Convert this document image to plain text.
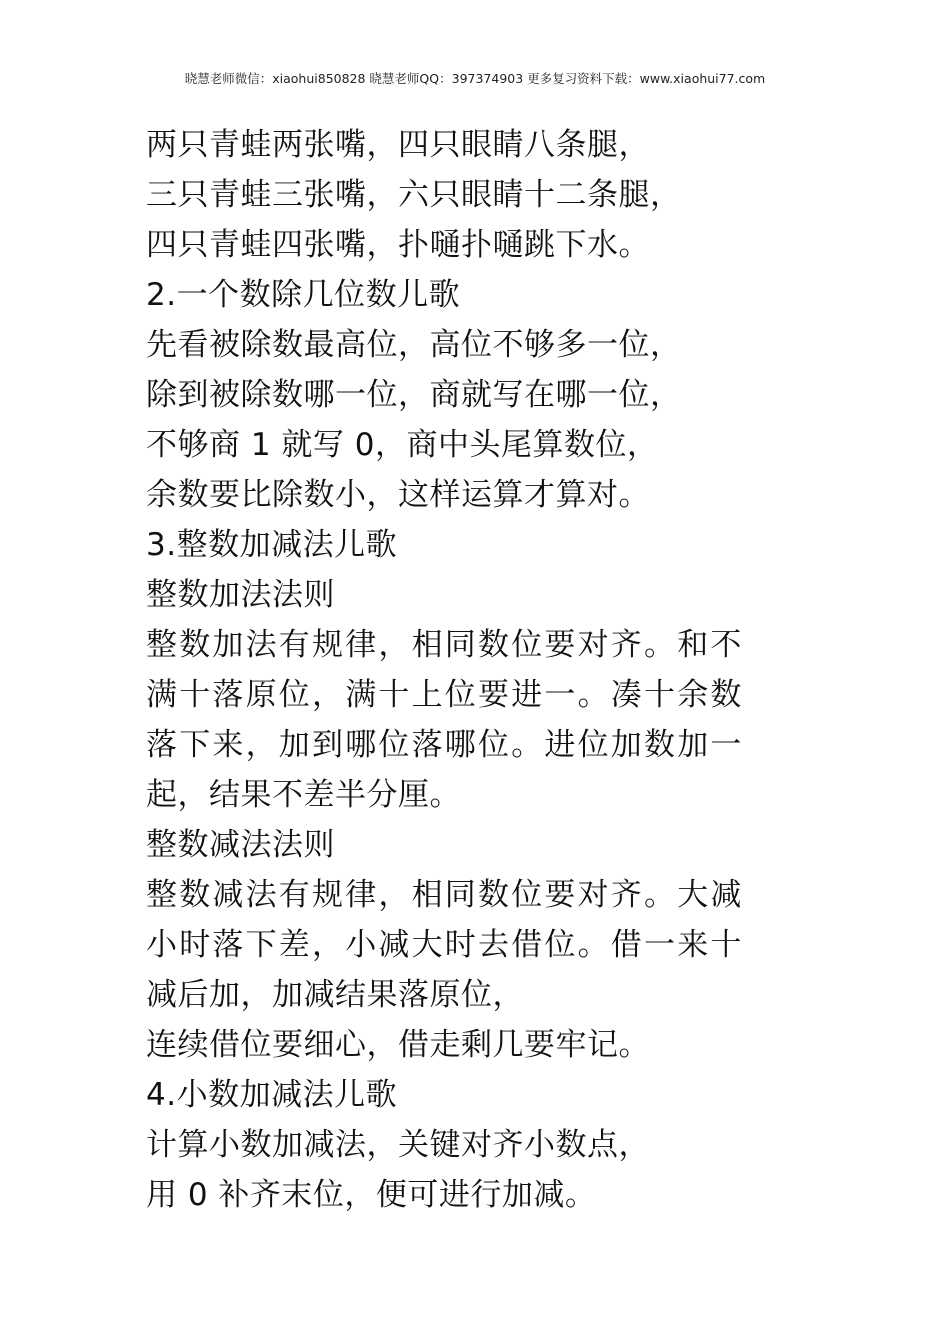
晓慧老师微信：xiaohui850828 晓慧老师QQ：397374903 更多复习资料下载：www.xiaohui77.com
两只青蛙两张嘴，四只眼睛八条腿，
三只青蛙三张嘴，六只眼睛十二条腿，
四只青蛙四张嘴，扑嗵扑嗵跳下水。
2.一个数除几位数儿歌
先看被除数最高位，高位不够多一位，
除到被除数哪一位，商就写在哪一位，
不够商 1 就写 0，商中头尾算数位，
余数要比除数小，这样运算才算对。
3.整数加减法儿歌
整数加法法则
整数加法有规律，相同数位要对齐。和不
满十落原位，满十上位要进一。凑十余数
落下来，加到哪位落哪位。进位加数加一
起，结果不差半分厘。
整数减法法则
整数减法有规律，相同数位要对齐。大减
小时落下差，小减大时去借位。借一来十
减后加，加减结果落原位，
连续借位要细心，借走剩几要牢记。
4.小数加减法儿歌
计算小数加减法，关键对齐小数点，
用 0 补齐末位，便可进行加减。
